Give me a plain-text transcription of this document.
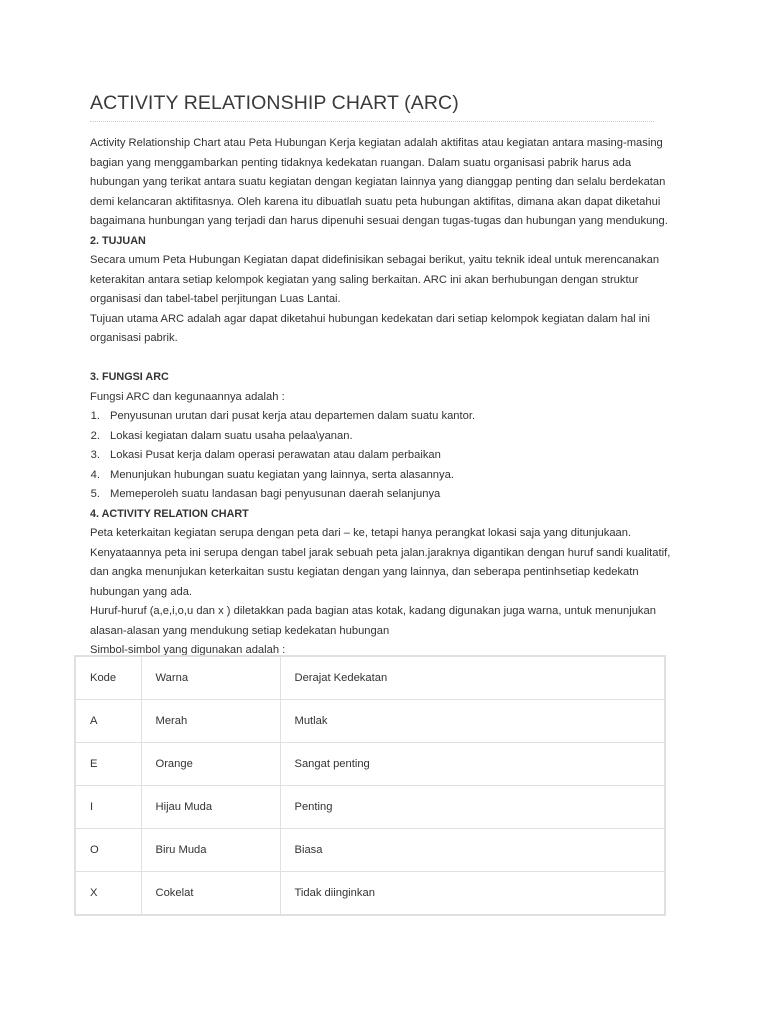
ACTIVITY RELATIONSHIP CHART (ARC)

Activity Relationship Chart atau Peta Hubungan Kerja kegiatan adalah aktifitas atau kegiatan antara masing-masing bagian yang menggambarkan penting tidaknya kedekatan ruangan. Dalam suatu organisasi pabrik harus ada hubungan yang terikat antara suatu kegiatan dengan kegiatan lainnya yang dianggap penting dan selalu berdekatan demi kelancaran aktifitasnya. Oleh karena itu dibuatlah suatu peta hubungan aktifitas, dimana akan dapat diketahui bagaimana hunbungan yang terjadi dan harus dipenuhi sesuai dengan tugas-tugas dan hubungan yang mendukung.

2. TUJUAN

Secara umum Peta Hubungan Kegiatan dapat didefinisikan sebagai berikut, yaitu teknik ideal untuk merencanakan keterakitan antara setiap kelompok kegiatan yang saling berkaitan. ARC ini akan berhubungan dengan struktur organisasi dan tabel-tabel perjitungan Luas Lantai.

Tujuan utama ARC adalah agar dapat diketahui hubungan kedekatan dari setiap kelompok kegiatan dalam hal ini organisasi pabrik.

3. FUNGSI ARC

Fungsi ARC dan kegunaannya adalah :

1. Penyusunan urutan dari pusat kerja atau departemen dalam suatu kantor.
2. Lokasi kegiatan dalam suatu usaha pelaa\yanan.
3. Lokasi Pusat kerja dalam operasi perawatan atau dalam perbaikan
4. Menunjukan hubungan suatu kegiatan yang lainnya, serta alasannya.
5. Memeperoleh suatu landasan bagi penyusunan daerah selanjunya

4. ACTIVITY RELATION CHART

Peta keterkaitan kegiatan serupa dengan peta dari – ke, tetapi hanya perangkat lokasi saja yang ditunjukaan.

Kenyataannya peta ini serupa dengan tabel jarak sebuah peta jalan.jaraknya digantikan dengan huruf sandi kualitatif, dan angka menunjukan keterkaitan sustu kegiatan dengan yang lainnya, dan seberapa pentinhsetiap kedekatn hubungan yang ada.

Huruf-huruf (a,e,i,o,u dan x ) diletakkan pada bagian atas kotak, kadang digunakan juga warna, untuk menunjukan alasan-alasan yang mendukung setiap kedekatan hubungan

Simbol-simbol yang digunakan adalah :

Kode	Warna	Derajat Kedekatan
A	Merah	Mutlak
E	Orange	Sangat penting
I	Hijau Muda	Penting
O	Biru Muda	Biasa
X	Cokelat	Tidak diinginkan
